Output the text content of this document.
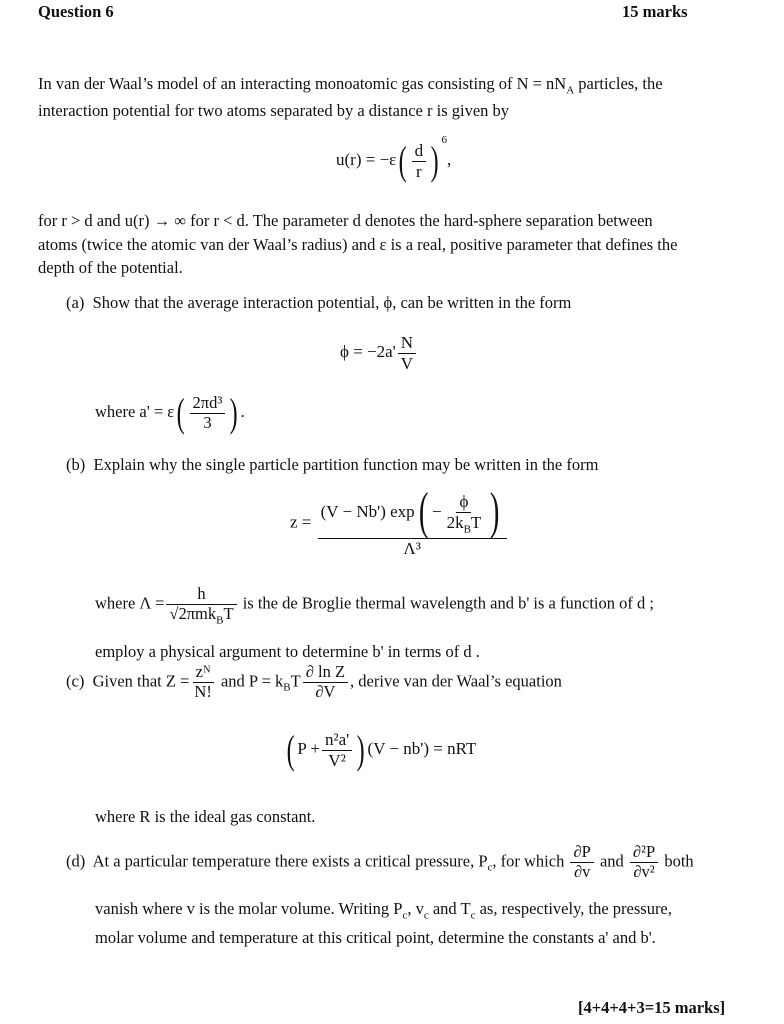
Question 6	15 marks
In van der Waal’s model of an interacting monoatomic gas consisting of $N = nN_A$ particles, the
interaction potential for two atoms separated by a distance r is given by
$u(r) = -\varepsilon( \frac{d}{r}$ ) $^6$,
for r > d and u(r) → ∞ for r < d. The parameter d denotes the hard-sphere separation between
atoms (twice the atomic van der Waal’s radius) and ε is a real, positive parameter that defines the
depth of the potential.
(a) Show that the average interaction potential, ϕ, can be written in the form
$\phi = -2a' \frac{N}{V}$
where $a' = \varepsilon( \frac{\text{2πd³}}{3}$ ) .
(b) Explain why the single particle partition function may be written in the form
$z = \frac{(V - Nb') \exp ( - \frac{\phi}{2k_BT} )}{\text{Λ³}}$
where $\Lambda = \frac{h}{√2\pi mk_BT}$ is the de Broglie thermal wavelength and b' is a function of d ;
employ a physical argument to determine b' in terms of d .
(c) Given that $Z = \frac{\text{zᴺ}}{N!}$ and $P = k_BT \frac{\text{∂ ln Z}}{\partial V}$ , derive van der Waal’s equation
( $P + \frac{\text{n²a'}}{\text{V²}}$ ) (V − nb') = nRT
where R is the ideal gas constant.
(d) At a particular temperature there exists a critical pressure, $P_c$, for which $\frac{\partial P}{\partial v}$ and $\frac{\text{∂²P}}{\text{∂v²}}$ both
vanish where v is the molar volume. Writing $P_c$, $v_c$ and $T_c$ as, respectively, the pressure,
molar volume and temperature at this critical point, determine the constants a' and b'.
[4+4+4+3=15 marks]
